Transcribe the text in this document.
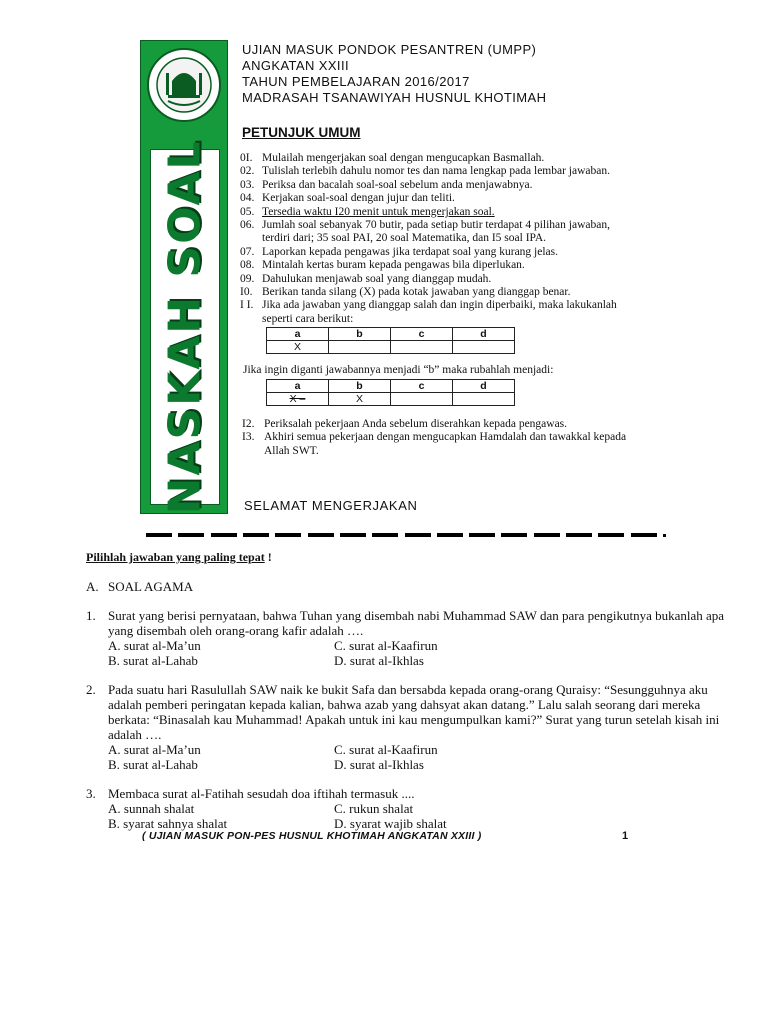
NASKAH SOAL
UJIAN MASUK PONDOK PESANTREN (UMPP)
ANGKATAN XXIII
TAHUN PEMBELAJARAN 2016/2017
MADRASAH TSANAWIYAH HUSNUL KHOTIMAH
PETUNJUK UMUM
0I. Mulailah mengerjakan soal dengan mengucapkan Basmallah.
02. Tulislah terlebih dahulu nomor tes dan nama lengkap pada lembar jawaban.
03. Periksa dan bacalah soal-soal sebelum anda menjawabnya.
04. Kerjakan soal-soal dengan jujur dan teliti.
05. Tersedia waktu I20 menit untuk mengerjakan soal.
06. Jumlah soal sebanyak 70 butir, pada setiap butir terdapat 4 pilihan jawaban, terdiri dari; 35 soal PAI, 20 soal Matematika, dan I5 soal IPA.
07. Laporkan kepada pengawas jika terdapat soal yang kurang jelas.
08. Mintalah kertas buram kepada pengawas bila diperlukan.
09. Dahulukan menjawab soal yang dianggap mudah.
I0. Berikan tanda silang (X) pada kotak jawaban yang dianggap benar.
I I. Jika ada jawaban yang dianggap salah dan ingin diperbaiki, maka lakukanlah seperti cara berikut:
a	b	c	d
X			
Jika ingin diganti jawabannya menjadi “b” maka rubahlah menjadi:
a	b	c	d
X –	X		
I2. Periksalah pekerjaan Anda sebelum diserahkan kepada pengawas.
I3. Akhiri semua pekerjaan dengan mengucapkan Hamdalah dan tawakkal kepada Allah SWT.
SELAMAT MENGERJAKAN
Pilihlah jawaban yang paling tepat !
A. SOAL AGAMA
1. Surat yang berisi pernyataan, bahwa Tuhan yang disembah nabi Muhammad SAW dan para pengikutnya bukanlah apa yang disembah oleh orang-orang kafir adalah ….
A. surat al-Ma’un	C. surat al-Kaafirun
B. surat al-Lahab	D. surat al-Ikhlas
2. Pada suatu hari Rasulullah SAW naik ke bukit Safa dan bersabda kepada orang-orang Quraisy: “Sesungguhnya aku adalah pemberi peringatan kepada kalian, bahwa azab yang dahsyat akan datang.” Lalu salah seorang dari mereka berkata: “Binasalah kau Muhammad! Apakah untuk ini kau mengumpulkan kami?” Surat yang turun setelah kisah ini adalah ….
A. surat al-Ma’un	C. surat al-Kaafirun
B. surat al-Lahab	D. surat al-Ikhlas
3. Membaca surat al-Fatihah sesudah doa iftihah termasuk ....
A. sunnah shalat	C. rukun shalat
B. syarat sahnya shalat	D. syarat wajib shalat
( UJIAN MASUK PON-PES HUSNUL KHOTIMAH ANGKATAN XXIII )	1
